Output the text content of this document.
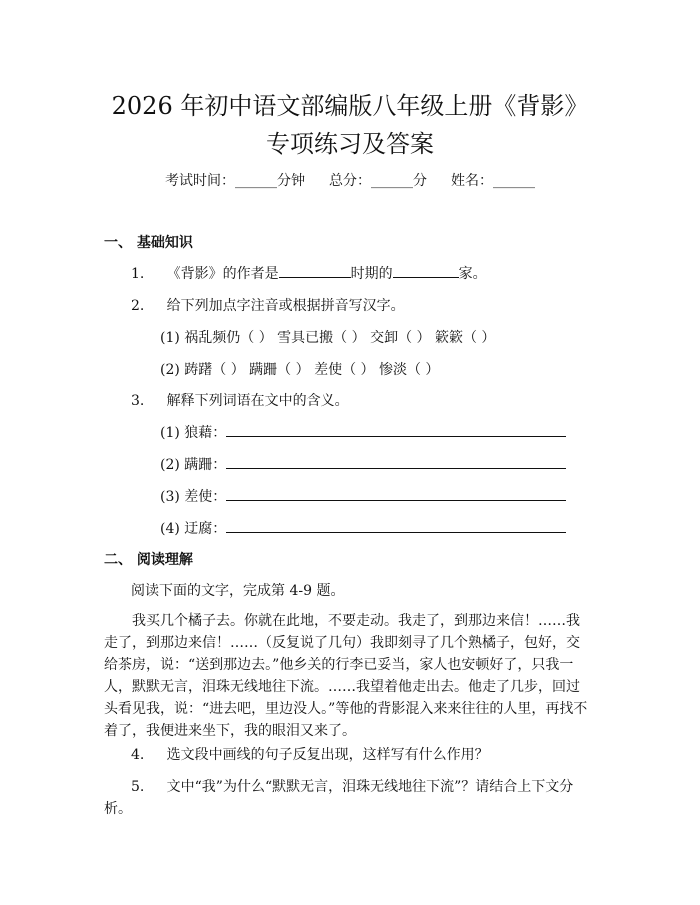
2026 年初中语文部编版八年级上册《背影》
专项练习及答案
考试时间：______分钟 总分：______分 姓名：______
一、 基础知识
1. 《背影》的作者是	时期的	家。
2. 给下列加点字注音或根据拼音写汉字。
(1) 祸乱频仍（ ） 雪具已搬（ ） 交卸（ ） 簌簌（ ）
(2) 踌躇（ ） 蹒跚（ ） 差使（ ） 惨淡（ ）
3. 解释下列词语在文中的含义。
(1) 狼藉：
(2) 蹒跚：
(3) 差使：
(4) 迂腐：
二、 阅读理解
阅读下面的文字，完成第 4-9 题。

我买几个橘子去。你就在此地，不要走动。我走了，到那边来信！……我走了，到那边来信！……（反复说了几句）我即刻寻了几个熟橘子，包好，交给茶房，说：“送到那边去。”他乡关的行李已妥当，家人也安顿好了，只我一人，默默无言，泪珠无线地往下流。……我望着他走出去。他走了几步，回过头看见我，说：“进去吧，里边没人。”等他的背影混入来来往往的人里，再找不着了，我便进来坐下，我的眼泪又来了。

4. 选文段中画线的句子反复出现，这样写有什么作用？

5. 文中“我”为什么“默默无言，泪珠无线地往下流”？请结合上下文分析。
